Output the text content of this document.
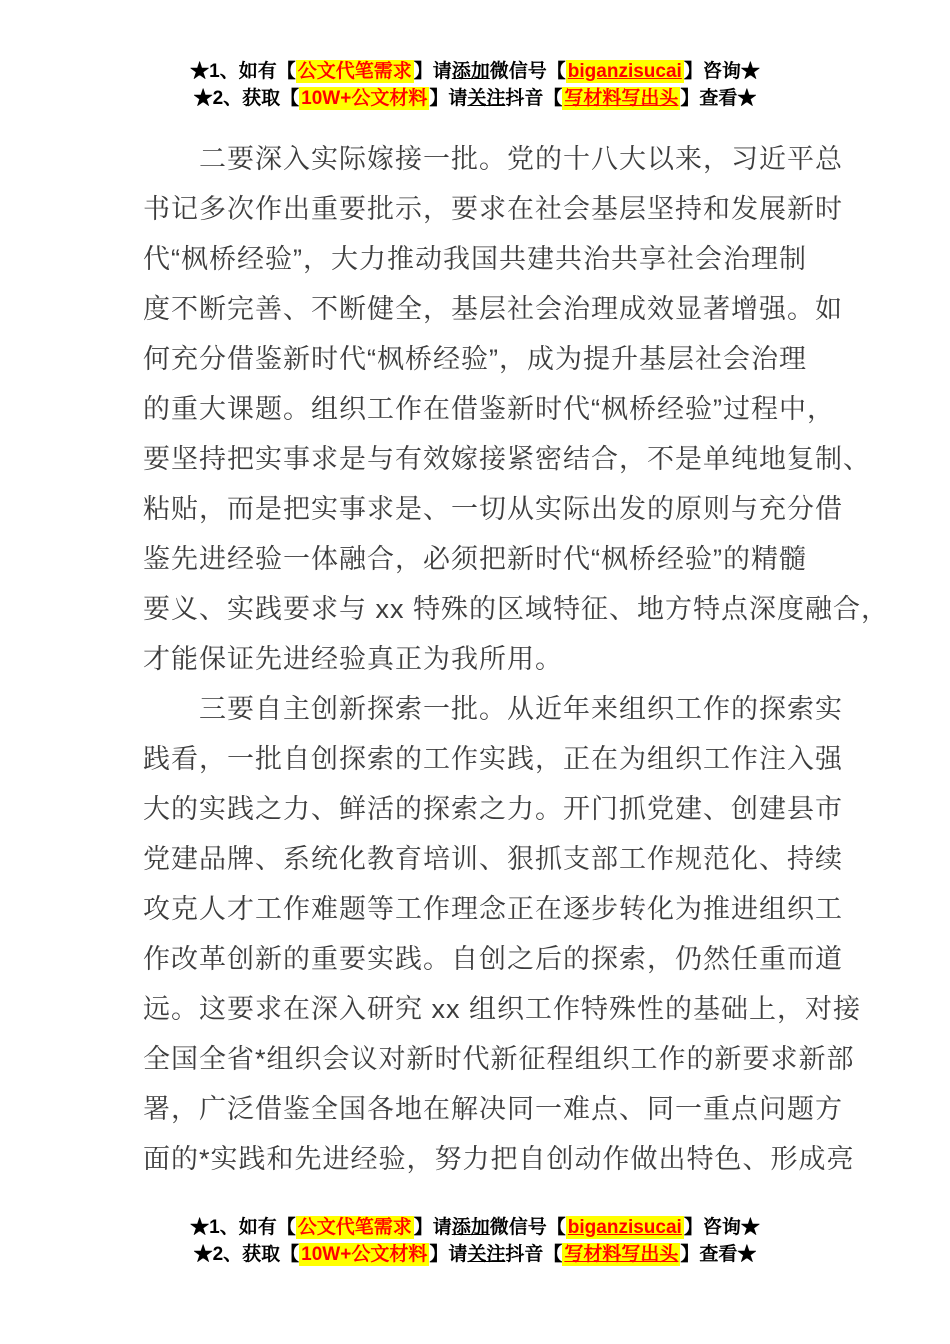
★1、如有【 公文代笔需求 】请添加微信号【 biganzisucai 】咨询★
★2、获取【 10W+公文材料 】请关注抖音【 写材料写出头 】查看★
二要深入实际嫁接一批。党的十八大以来，习近平总
书记多次作出重要批示，要求在社会基层坚持和发展新时
代“枫桥经验”，大力推动我国共建共治共享社会治理制
度不断完善、不断健全，基层社会治理成效显著增强。如
何充分借鉴新时代“枫桥经验”，成为提升基层社会治理
的重大课题。组织工作在借鉴新时代“枫桥经验”过程中，
要坚持把实事求是与有效嫁接紧密结合，不是单纯地复制、
粘贴，而是把实事求是、一切从实际出发的原则与充分借
鉴先进经验一体融合，必须把新时代“枫桥经验”的精髓
要义、实践要求与 xx 特殊的区域特征、地方特点深度融合，
才能保证先进经验真正为我所用。
三要自主创新探索一批。从近年来组织工作的探索实
践看，一批自创探索的工作实践，正在为组织工作注入强
大的实践之力、鲜活的探索之力。开门抓党建、创建县市
党建品牌、系统化教育培训、狠抓支部工作规范化、持续
攻克人才工作难题等工作理念正在逐步转化为推进组织工
作改革创新的重要实践。自创之后的探索，仍然任重而道
远。这要求在深入研究 xx 组织工作特殊性的基础上，对接
全国全省*组织会议对新时代新征程组织工作的新要求新部
署，广泛借鉴全国各地在解决同一难点、同一重点问题方
面的*实践和先进经验，努力把自创动作做出特色、形成亮
★1、如有【 公文代笔需求 】请添加微信号【 biganzisucai 】咨询★
★2、获取【 10W+公文材料 】请关注抖音【 写材料写出头 】查看★
